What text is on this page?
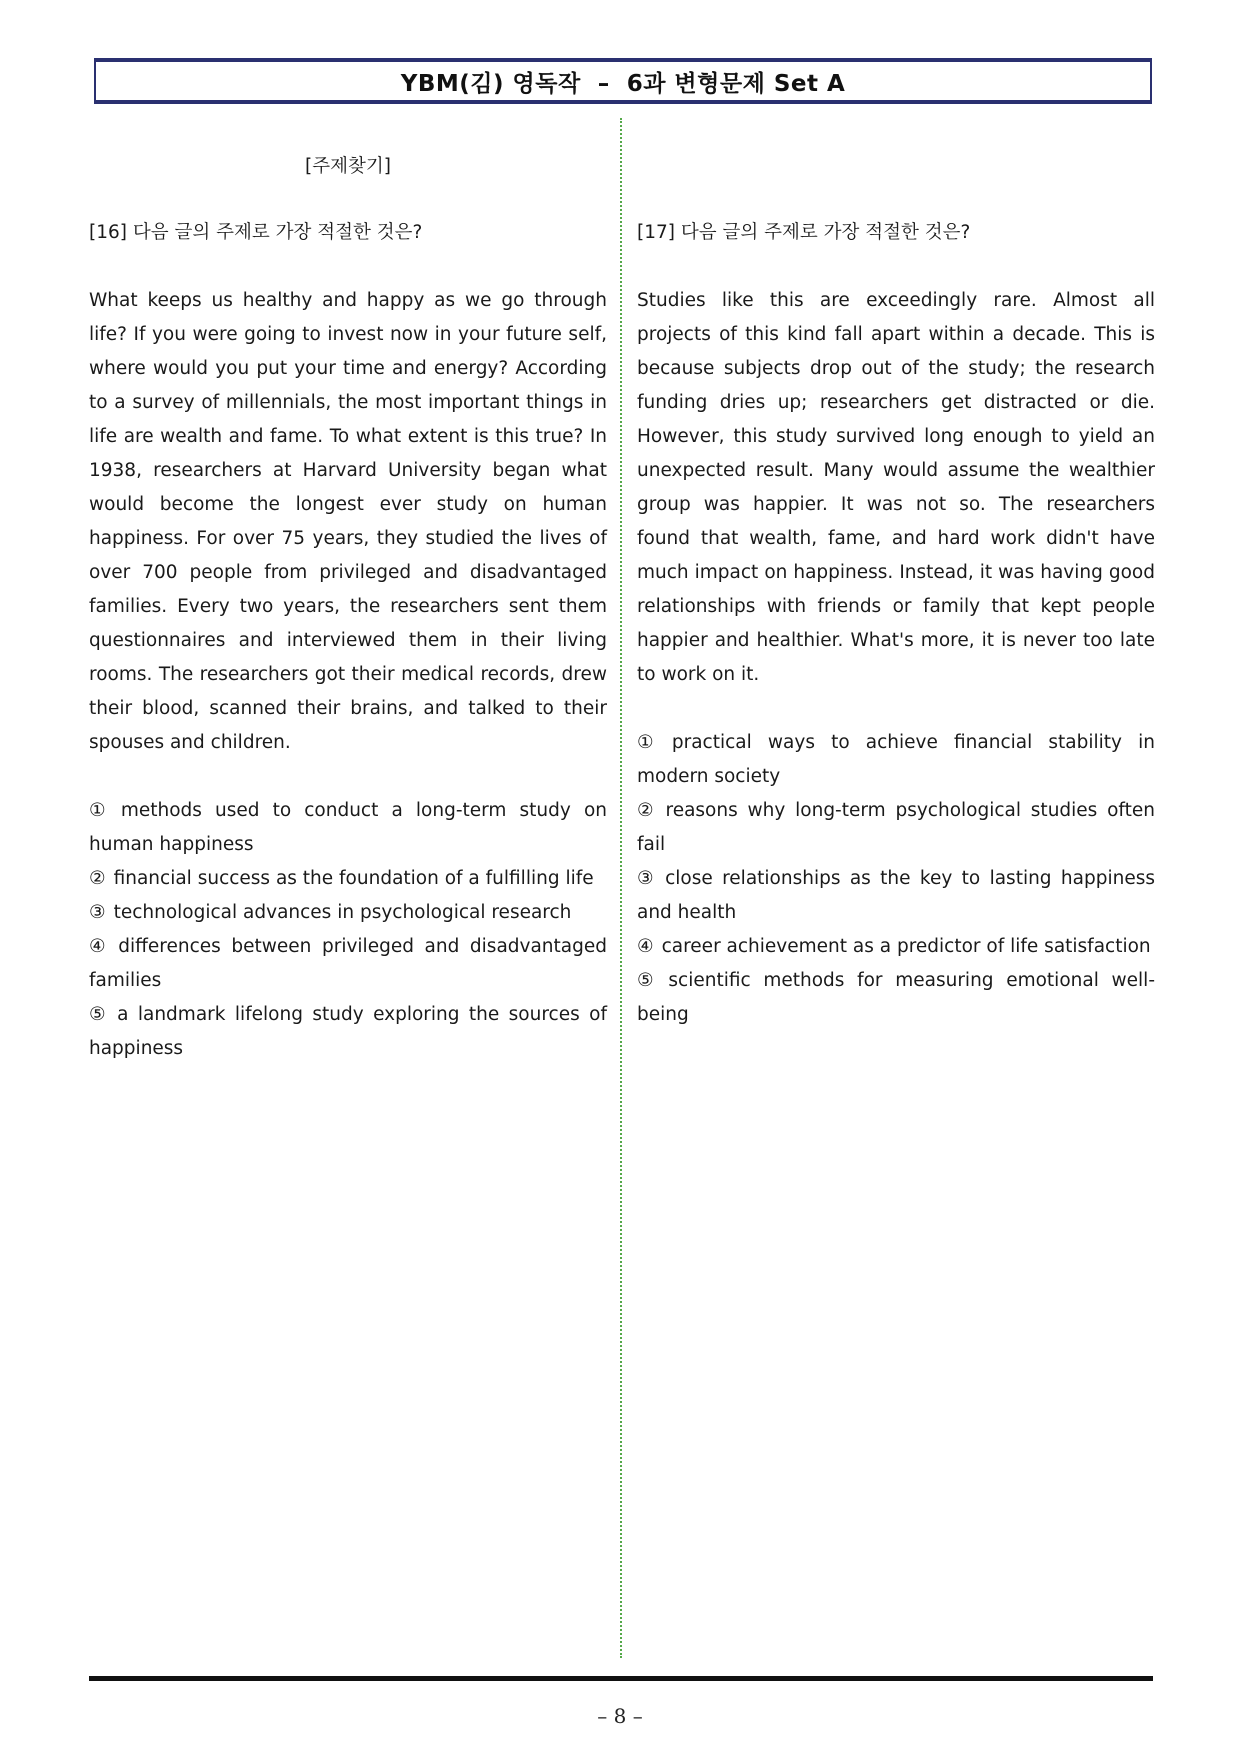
YBM(김) 영독작  –  6과 변형문제 Set A
[주제찾기]
[16] 다음 글의 주제로 가장 적절한 것은?

What keeps us healthy and happy as we go through life? If you were going to invest now in your future self, where would you put your time and energy? According to a survey of millennials, the most important things in life are wealth and fame. To what extent is this true? In 1938, researchers at Harvard University began what would become the longest ever study on human happiness. For over 75 years, they studied the lives of over 700 people from privileged and disadvantaged families. Every two years, the researchers sent them questionnaires and interviewed them in their living rooms. The researchers got their medical records, drew their blood, scanned their brains, and talked to their spouses and children.

① methods used to conduct a long-term study on human happiness
② financial success as the foundation of a fulfilling life
③ technological advances in psychological research
④ differences between privileged and disadvantaged families
⑤ a landmark lifelong study exploring the sources of happiness
[17] 다음 글의 주제로 가장 적절한 것은?

Studies like this are exceedingly rare. Almost all projects of this kind fall apart within a decade. This is because subjects drop out of the study; the research funding dries up; researchers get distracted or die. However, this study survived long enough to yield an unexpected result. Many would assume the wealthier group was happier. It was not so. The researchers found that wealth, fame, and hard work didn't have much impact on happiness. Instead, it was having good relationships with friends or family that kept people happier and healthier. What's more, it is never too late to work on it.

① practical ways to achieve financial stability in modern society
② reasons why long-term psychological studies often fail
③ close relationships as the key to lasting happiness and health
④ career achievement as a predictor of life satisfaction
⑤ scientific methods for measuring emotional well-being
– 8 –
